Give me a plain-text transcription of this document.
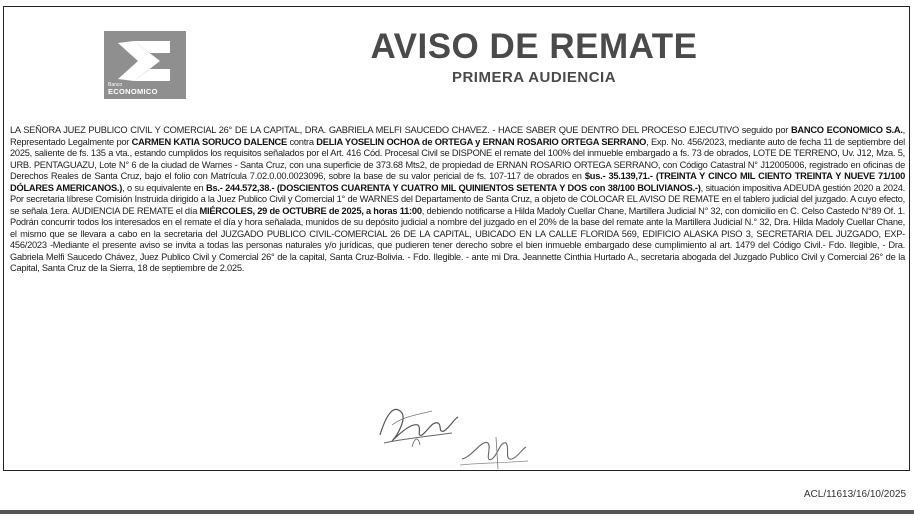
Banco
ECONOMICO
AVISO DE REMATE
PRIMERA AUDIENCIA
LA SEÑORA JUEZ PUBLICO CIVIL Y COMERCIAL 26° DE LA CAPITAL, DRA. GABRIELA MELFI SAUCEDO CHAVEZ. - HACE SABER QUE DENTRO DEL PROCESO EJECUTIVO seguido por BANCO ECONOMICO S.A., Representado Legalmente por CARMEN KATIA SORUCO DALENCE contra DELIA YOSELIN OCHOA de ORTEGA y ERNAN ROSARIO ORTEGA SERRANO, Exp. No. 456/2023, mediante auto de fecha 11 de septiembre del 2025, saliente de fs. 135 a vta., estando cumplidos los requisitos señalados por el Art. 416 Cód. Procesal Civil se DISPONE el remate del 100% del inmueble embargado a fs. 73 de obrados, LOTE DE TERRENO, Uv. J12, Mza. 5, URB. PENTAGUAZU, Lote N° 6 de la ciudad de Warnes - Santa Cruz, con una superficie de 373.68 Mts2, de propiedad de ERNAN ROSARIO ORTEGA SERRANO, con Código Catastral N° J12005006, registrado en oficinas de Derechos Reales de Santa Cruz, bajo el folio con Matrícula 7.02.0.00.0023096, sobre la base de su valor pericial de fs. 107-117 de obrados en $us.- 35.139,71.- (TREINTA Y CINCO MIL CIENTO TREINTA Y NUEVE 71/100 DÓLARES AMERICANOS.), o su equivalente en Bs.- 244.572,38.- (DOSCIENTOS CUARENTA Y CUATRO MIL QUINIENTOS SETENTA Y DOS con 38/100 BOLIVIANOS.-), situación impositiva ADEUDA gestión 2020 a 2024. Por secretaria líbrese Comisión Instruida dirigido a la Juez Publico Civil y Comercial 1° de WARNES del Departamento de Santa Cruz, a objeto de COLOCAR EL AVISO DE REMATE en el tablero judicial del juzgado. A cuyo efecto, se señala 1era. AUDIENCIA DE REMATE el día MIÉRCOLES, 29 de OCTUBRE de 2025, a horas 11:00, debiendo notificarse a Hilda Madoly Cuellar Chane, Martillera Judicial N° 32, con domicilio en C. Celso Castedo N°89 Of. 1. Podrán concurrir todos los interesados en el remate el día y hora señalada, munidos de su depósito judicial a nombre del juzgado en el 20% de la base del remate ante la Martillera Judicial N.° 32, Dra. Hilda Madoly Cuellar Chane, el mismo que se llevara a cabo en la secretaria del JUZGADO PUBLICO CIVIL-COMERCIAL 26 DE LA CAPITAL, UBICADO EN LA CALLE FLORIDA 569, EDIFICIO ALASKA PISO 3, SECRETARIA DEL JUZGADO, EXP-456/2023 -Mediante el presente aviso se invita a todas las personas naturales y/o jurídicas, que pudieren tener derecho sobre el bien inmueble embargado dese cumplimiento al art. 1479 del Código Civil.- Fdo. Ilegible, - Dra. Gabriela Melfi Saucedo Chávez, Juez Publico Civil y Comercial 26° de la capital, Santa Cruz-Bolivia. - Fdo. Ilegible. - ante mi Dra. Jeannette Cinthia Hurtado A., secretaria abogada del Juzgado Publico Civil y Comercial 26° de la Capital, Santa Cruz de la Sierra, 18 de septiembre de 2.025.
ACL/11613/16/10/2025
